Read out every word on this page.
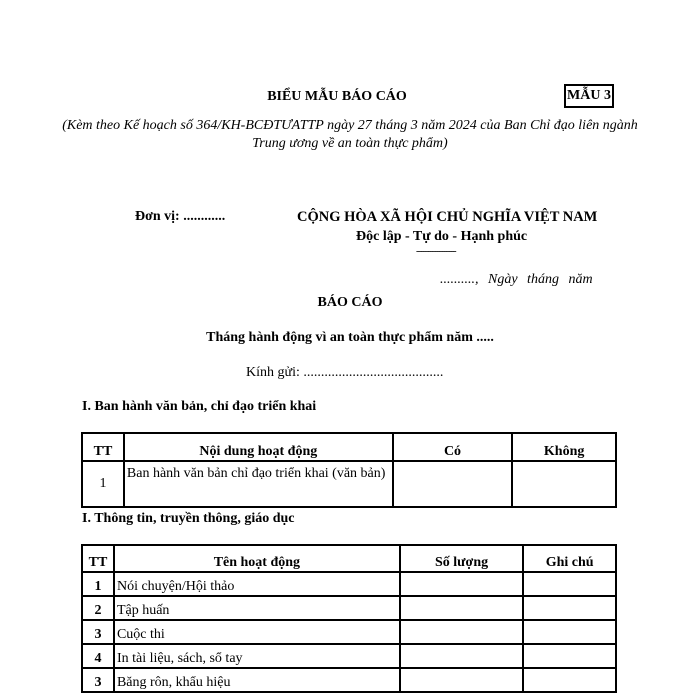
BIỂU MẪU BÁO CÁO	MẪU 3
(Kèm theo Kế hoạch số 364/KH-BCĐTƯATTP ngày 27 tháng 3 năm 2024 của Ban Chỉ đạo liên ngành Trung ương về an toàn thực phẩm)
Đơn vị: ............	CỘNG HÒA XÃ HỘI CHỦ NGHĨA VIỆT NAM
Độc lập - Tự do - Hạnh phúc
-----------------
.........., Ngày tháng năm
BÁO CÁO
Tháng hành động vì an toàn thực phẩm năm .....
Kính gửi: ........................................
I. Ban hành văn bản, chỉ đạo triển khai
TT	Nội dung hoạt động	Có	Không
1	Ban hành văn bản chỉ đạo triển khai (văn bản)		
I. Thông tin, truyền thông, giáo dục
TT	Tên hoạt động	Số lượng	Ghi chú
1	Nói chuyện/Hội thảo		
2	Tập huấn		
3	Cuộc thi		
4	In tài liệu, sách, sổ tay		
3	Băng rôn, khẩu hiệu		
